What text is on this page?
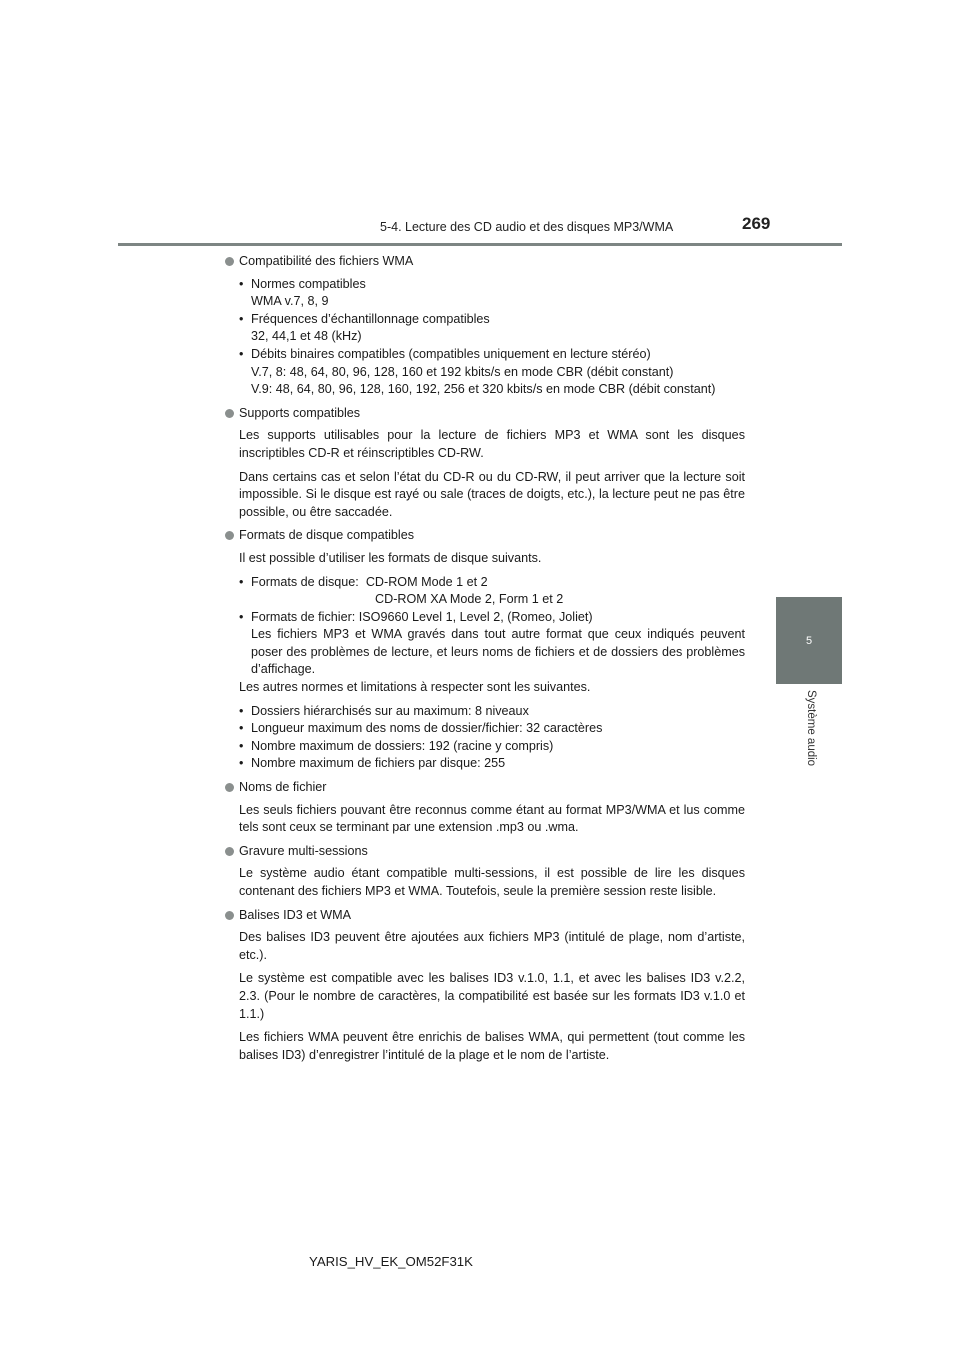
5-4. Lecture des CD audio et des disques MP3/WMA	269
5
Système audio
Compatibilité des fichiers WMA
• Normes compatibles
WMA v.7, 8, 9
• Fréquences d’échantillonnage compatibles
32, 44,1 et 48 (kHz)
• Débits binaires compatibles (compatibles uniquement en lecture stéréo)
V.7, 8: 48, 64, 80, 96, 128, 160 et 192 kbits/s en mode CBR (débit constant)
V.9: 48, 64, 80, 96, 128, 160, 192, 256 et 320 kbits/s en mode CBR (débit constant)
Supports compatibles
Les supports utilisables pour la lecture de fichiers MP3 et WMA sont les disques inscriptibles CD-R et réinscriptibles CD-RW.
Dans certains cas et selon l’état du CD-R ou du CD-RW, il peut arriver que la lecture soit impossible. Si le disque est rayé ou sale (traces de doigts, etc.), la lecture peut ne pas être possible, ou être saccadée.
Formats de disque compatibles
Il est possible d’utiliser les formats de disque suivants.
• Formats de disque: CD-ROM Mode 1 et 2
CD-ROM XA Mode 2, Form 1 et 2
• Formats de fichier: ISO9660 Level 1, Level 2, (Romeo, Joliet)
Les fichiers MP3 et WMA gravés dans tout autre format que ceux indiqués peuvent poser des problèmes de lecture, et leurs noms de fichiers et de dossiers des problèmes d’affichage.
Les autres normes et limitations à respecter sont les suivantes.
• Dossiers hiérarchisés sur au maximum: 8 niveaux
• Longueur maximum des noms de dossier/fichier: 32 caractères
• Nombre maximum de dossiers: 192 (racine y compris)
• Nombre maximum de fichiers par disque: 255
Noms de fichier
Les seuls fichiers pouvant être reconnus comme étant au format MP3/WMA et lus comme tels sont ceux se terminant par une extension .mp3 ou .wma.
Gravure multi-sessions
Le système audio étant compatible multi-sessions, il est possible de lire les disques contenant des fichiers MP3 et WMA. Toutefois, seule la première session reste lisible.
Balises ID3 et WMA
Des balises ID3 peuvent être ajoutées aux fichiers MP3 (intitulé de plage, nom d’artiste, etc.).
Le système est compatible avec les balises ID3 v.1.0, 1.1, et avec les balises ID3 v.2.2, 2.3. (Pour le nombre de caractères, la compatibilité est basée sur les formats ID3 v.1.0 et 1.1.)
Les fichiers WMA peuvent être enrichis de balises WMA, qui permettent (tout comme les balises ID3) d’enregistrer l’intitulé de la plage et le nom de l’artiste.
YARIS_HV_EK_OM52F31K
